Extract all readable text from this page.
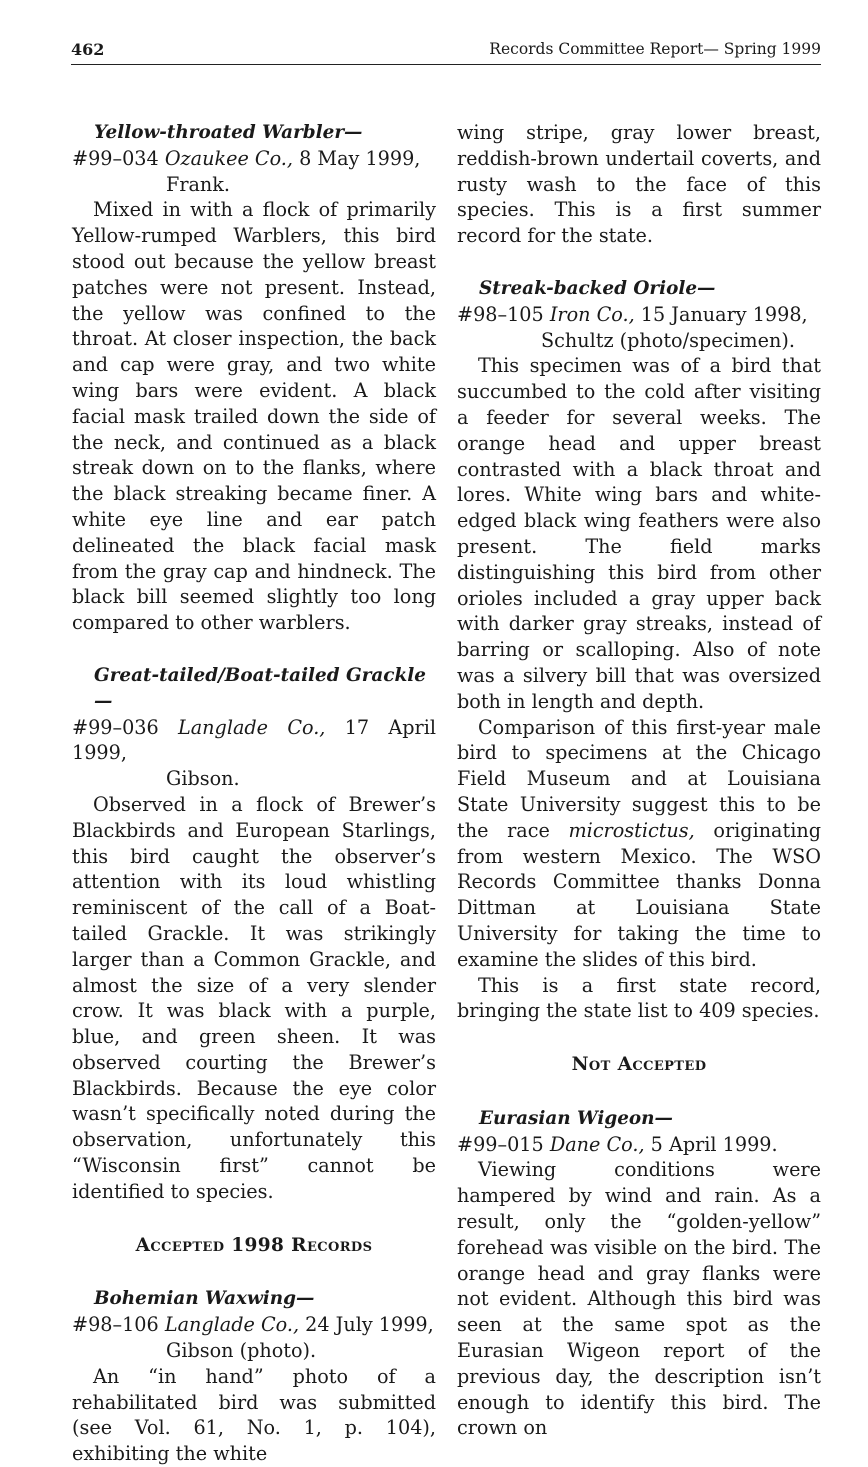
462	Records Committee Report— Spring 1999
Yellow-throated Warbler—
#99–034 Ozaukee Co., 8 May 1999,
Frank.

Mixed in with a flock of primarily Yellow-rumped Warblers, this bird stood out because the yellow breast patches were not present. Instead, the yellow was confined to the throat. At closer inspection, the back and cap were gray, and two white wing bars were evident. A black facial mask trailed down the side of the neck, and continued as a black streak down on to the flanks, where the black streaking became finer. A white eye line and ear patch delineated the black facial mask from the gray cap and hindneck. The black bill seemed slightly too long compared to other warblers.

Great-tailed/Boat-tailed Grackle—
#99–036 Langlade Co., 17 April 1999,
Gibson.

Observed in a flock of Brewer’s Blackbirds and European Starlings, this bird caught the observer’s attention with its loud whistling reminiscent of the call of a Boat-tailed Grackle. It was strikingly larger than a Common Grackle, and almost the size of a very slender crow. It was black with a purple, blue, and green sheen. It was observed courting the Brewer’s Blackbirds. Because the eye color wasn’t specifically noted during the observation, unfortunately this “Wisconsin first” cannot be identified to species.

Accepted 1998 Records
Bohemian Waxwing—
#98–106 Langlade Co., 24 July 1999,
Gibson (photo).

An “in hand” photo of a rehabilitated bird was submitted (see Vol. 61, No. 1, p. 104), exhibiting the white

wing stripe, gray lower breast, reddish-brown undertail coverts, and rusty wash to the face of this species. This is a first summer record for the state.

Streak-backed Oriole—
#98–105 Iron Co., 15 January 1998,
Schultz (photo/specimen).

This specimen was of a bird that succumbed to the cold after visiting a feeder for several weeks. The orange head and upper breast contrasted with a black throat and lores. White wing bars and white-edged black wing feathers were also present. The field marks distinguishing this bird from other orioles included a gray upper back with darker gray streaks, instead of barring or scalloping. Also of note was a silvery bill that was oversized both in length and depth.

Comparison of this first-year male bird to specimens at the Chicago Field Museum and at Louisiana State University suggest this to be the race microstictus, originating from western Mexico. The WSO Records Committee thanks Donna Dittman at Louisiana State University for taking the time to examine the slides of this bird.

This is a first state record, bringing the state list to 409 species.

Not Accepted
Eurasian Wigeon—
#99–015 Dane Co., 5 April 1999.

Viewing conditions were hampered by wind and rain. As a result, only the “golden-yellow” forehead was visible on the bird. The orange head and gray flanks were not evident. Although this bird was seen at the same spot as the Eurasian Wigeon report of the previous day, the description isn’t enough to identify this bird. The crown on
